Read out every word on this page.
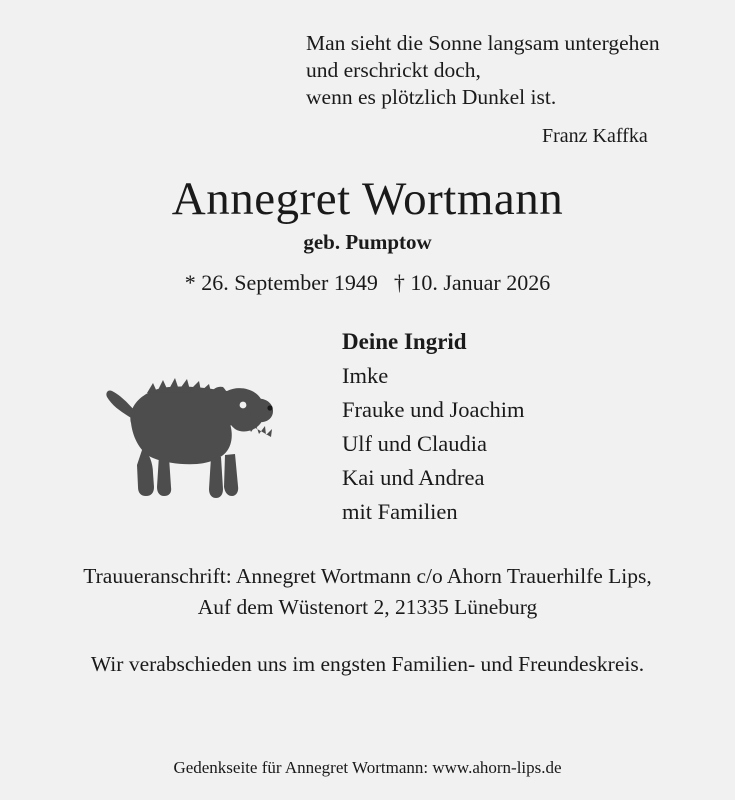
Man sieht die Sonne langsam untergehen
und erschrickt doch,
wenn es plötzlich Dunkel ist.
Franz Kaffka
Annegret Wortmann
geb. Pumptow
* 26. September 1949 † 10. Januar 2026
Deine Ingrid
Imke
Frauke und Joachim
Ulf und Claudia
Kai und Andrea
mit Familien
Trauueranschrift: Annegret Wortmann c/o Ahorn Trauerhilfe Lips,
Auf dem Wüstenort 2, 21335 Lüneburg
Wir verabschieden uns im engsten Familien- und Freundeskreis.
Gedenkseite für Annegret Wortmann: www.ahorn-lips.de
